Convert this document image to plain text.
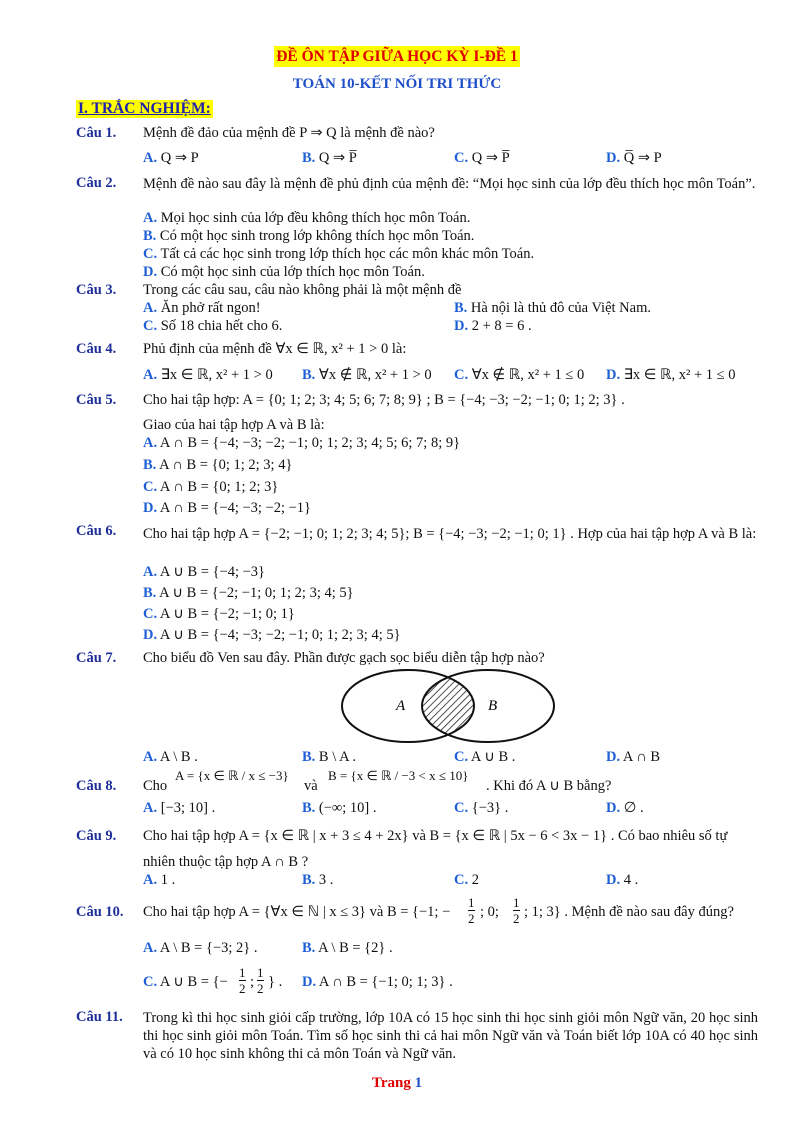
ĐỀ ÔN TẬP GIỮA HỌC KỲ I-ĐỀ 1
TOÁN 10-KẾT NỐI TRI THỨC
I. TRẮC NGHIỆM:
Câu 1. Mệnh đề đảo của mệnh đề P ⇒ Q là mệnh đề nào?
A. Q ⇒ P	B. Q ⇒ P̅	C. Q ⇒ P̅	D. Q̅ ⇒ P
Câu 2. Mệnh đề nào sau đây là mệnh đề phủ định của mệnh đề: “Mọi học sinh của lớp đều thích học môn Toán”.
A. Mọi học sinh của lớp đều không thích học môn Toán.
B. Có một học sinh trong lớp không thích học môn Toán.
C. Tất cả các học sinh trong lớp thích học các môn khác môn Toán.
D. Có một học sinh của lớp thích học môn Toán.
Câu 3. Trong các câu sau, câu nào không phải là một mệnh đề
A. Ăn phở rất ngon!	B. Hà nội là thủ đô của Việt Nam.
C. Số 18 chia hết cho 6.	D. 2 + 8 = 6 .
Câu 4. Phủ định của mệnh đề ∀x ∈ ℝ, x² + 1 > 0 là:
A. ∃x ∈ ℝ, x² + 1 > 0 B. ∀x ∉ ℝ, x² + 1 > 0 C. ∀x ∉ ℝ, x² + 1 ≤ 0 D. ∃x ∈ ℝ, x² + 1 ≤ 0
Câu 5. Cho hai tập hợp: A = {0; 1; 2; 3; 4; 5; 6; 7; 8; 9} ; B = {−4; −3; −2; −1; 0; 1; 2; 3} .
Giao của hai tập hợp A và B là:
A. A ∩ B = {−4; −3; −2; −1; 0; 1; 2; 3; 4; 5; 6; 7; 8; 9}
B. A ∩ B = {0; 1; 2; 3; 4}
C. A ∩ B = {0; 1; 2; 3}
D. A ∩ B = {−4; −3; −2; −1}
Câu 6. Cho hai tập hợp A = {−2; −1; 0; 1; 2; 3; 4; 5}; B = {−4; −3; −2; −1; 0; 1} . Hợp của hai tập hợp A và B là:
A. A ∪ B = {−4; −3}
B. A ∪ B = {−2; −1; 0; 1; 2; 3; 4; 5}
C. A ∪ B = {−2; −1; 0; 1}
D. A ∪ B = {−4; −3; −2; −1; 0; 1; 2; 3; 4; 5}
Câu 7. Cho biểu đồ Ven sau đây. Phần được gạch sọc biểu diễn tập hợp nào?
A	B
A. A \ B .	B. B \ A .	C. A ∪ B .	D. A ∩ B
Câu 8. Cho
A = {x ∈ ℝ / x ≤ −3}
và
B = {x ∈ ℝ / −3 < x ≤ 10}
. Khi đó A ∪ B bằng?
A. [−3; 10] .	B. (−∞; 10] .	C. {−3} .	D. ∅ .
Câu 9. Cho hai tập hợp A = {x ∈ ℝ | x + 3 ≤ 4 + 2x} và B = {x ∈ ℝ | 5x − 6 < 3x − 1} . Có bao nhiêu số tự
nhiên thuộc tập hợp A ∩ B ?
A. 1 .	B. 3 .	C. 2	D. 4 .
Câu 10. Cho hai tập hợp A = {∀x ∈ ℕ | x ≤ 3} và B = {−1; − $\frac{1}{2}$ ; 0; $\frac{1}{2}$ ; 1; 3} . Mệnh đề nào sau đây đúng?
A. A \ B = {−3; 2} .	B. A \ B = {2} .
C. A ∪ B = {− $\frac{1}{2}$ ; $\frac{1}{2}$ } . D. A ∩ B = {−1; 0; 1; 3} .
Câu 11. Trong kì thi học sinh giỏi cấp trường, lớp 10A có 15 học sinh thi học sinh giỏi môn Ngữ văn, 20 học sinh thi học sinh giỏi môn Toán. Tìm số học sinh thi cả hai môn Ngữ văn và Toán biết lớp 10A có 40 học sinh và có 10 học sinh không thi cả môn Toán và Ngữ văn.
Trang 1
